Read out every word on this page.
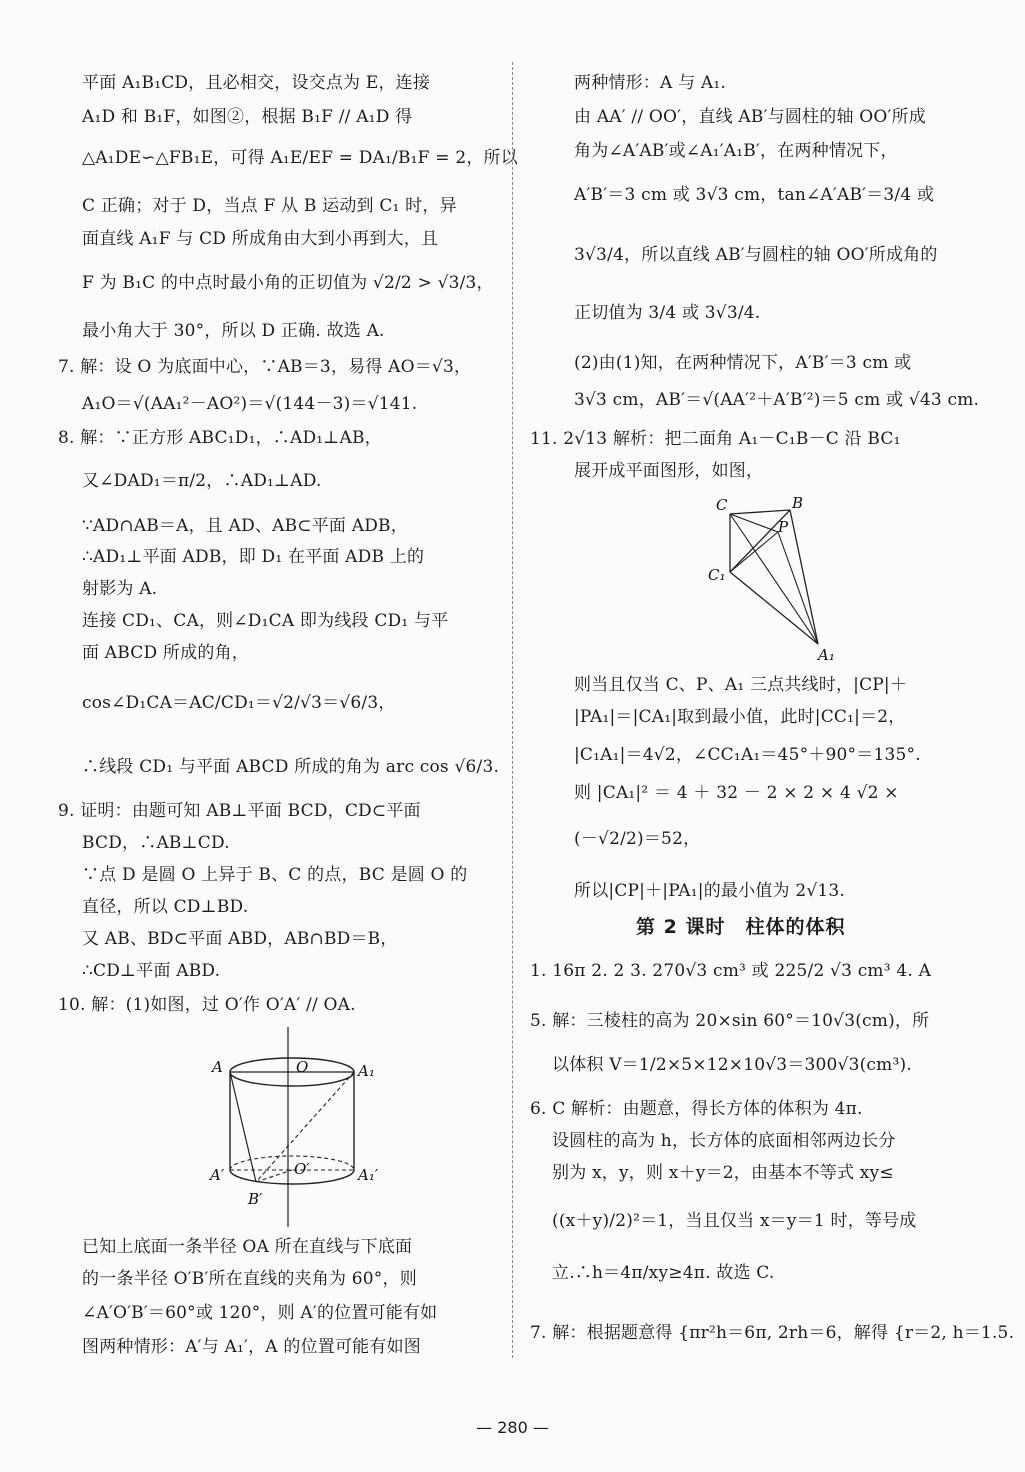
平面 A₁B₁CD，且必相交，设交点为 E，连接
A₁D 和 B₁F，如图②，根据 B₁F // A₁D 得
△A₁DE∽△FB₁E，可得 A₁E/EF = DA₁/B₁F = 2，所以
C 正确；对于 D，当点 F 从 B 运动到 C₁ 时，异
面直线 A₁F 与 CD 所成角由大到小再到大，且
F 为 B₁C 的中点时最小角的正切值为 √2/2 > √3/3，
最小角大于 30°，所以 D 正确. 故选 A.
7. 解：设 O 为底面中心，∵AB＝3，易得 AO＝√3，
A₁O＝√(AA₁²－AO²)＝√(144－3)＝√141.
8. 解：∵正方形 ABC₁D₁，∴AD₁⊥AB，
又∠DAD₁＝π/2，∴AD₁⊥AD.
∵AD∩AB＝A，且 AD、AB⊂平面 ADB，
∴AD₁⊥平面 ADB，即 D₁ 在平面 ADB 上的
射影为 A.
连接 CD₁、CA，则∠D₁CA 即为线段 CD₁ 与平
面 ABCD 所成的角，
cos∠D₁CA＝AC/CD₁＝√2/√3＝√6/3，
∴线段 CD₁ 与平面 ABCD 所成的角为 arc cos √6/3.
9. 证明：由题可知 AB⊥平面 BCD，CD⊂平面
BCD，∴AB⊥CD.
∵点 D 是圆 O 上异于 B、C 的点，BC 是圆 O 的
直径，所以 CD⊥BD.
又 AB、BD⊂平面 ABD，AB∩BD＝B，
∴CD⊥平面 ABD.
10. 解：(1)如图，过 O′作 O′A′ // OA.
A	O	A₁
A′	O′	A₁′
B′
已知上底面一条半径 OA 所在直线与下底面
的一条半径 O′B′所在直线的夹角为 60°，则
∠A′O′B′＝60°或 120°，则 A′的位置可能有如
图两种情形：A′与 A₁′，A 的位置可能有如图
两种情形：A 与 A₁.
由 AA′ // OO′，直线 AB′与圆柱的轴 OO′所成
角为∠A′AB′或∠A₁′A₁B′，在两种情况下，
A′B′＝3 cm 或 3√3 cm，tan∠A′AB′＝3/4 或
3√3/4，所以直线 AB′与圆柱的轴 OO′所成角的
正切值为 3/4 或 3√3/4.
(2)由(1)知，在两种情况下，A′B′＝3 cm 或
3√3 cm，AB′＝√(AA′²＋A′B′²)＝5 cm 或 √43 cm.
11. 2√13 解析：把二面角 A₁－C₁B－C 沿 BC₁
展开成平面图形，如图，
C	B
P
C₁
A₁
则当且仅当 C、P、A₁ 三点共线时，|CP|＋
|PA₁|＝|CA₁|取到最小值，此时|CC₁|＝2，
|C₁A₁|＝4√2，∠CC₁A₁＝45°＋90°＝135°.
则 |CA₁|² ＝ 4 ＋ 32 － 2 × 2 × 4 √2 ×
(－√2/2)＝52，
所以|CP|＋|PA₁|的最小值为 2√13.
1. 16π 2. 2 3. 270√3 cm³ 或 225/2 √3 cm³ 4. A
5. 解：三棱柱的高为 20×sin 60°＝10√3(cm)，所
以体积 V＝1/2×5×12×10√3＝300√3(cm³).
6. C 解析：由题意，得长方体的体积为 4π.
设圆柱的高为 h，长方体的底面相邻两边长分
别为 x，y，则 x＋y＝2，由基本不等式 xy≤
((x＋y)/2)²＝1，当且仅当 x＝y＝1 时，等号成
立.∴h＝4π/xy≥4π. 故选 C.
7. 解：根据题意得 {πr²h＝6π, 2rh＝6，解得 {r＝2, h＝1.5.
第 2 课时　柱体的体积
— 280 —
